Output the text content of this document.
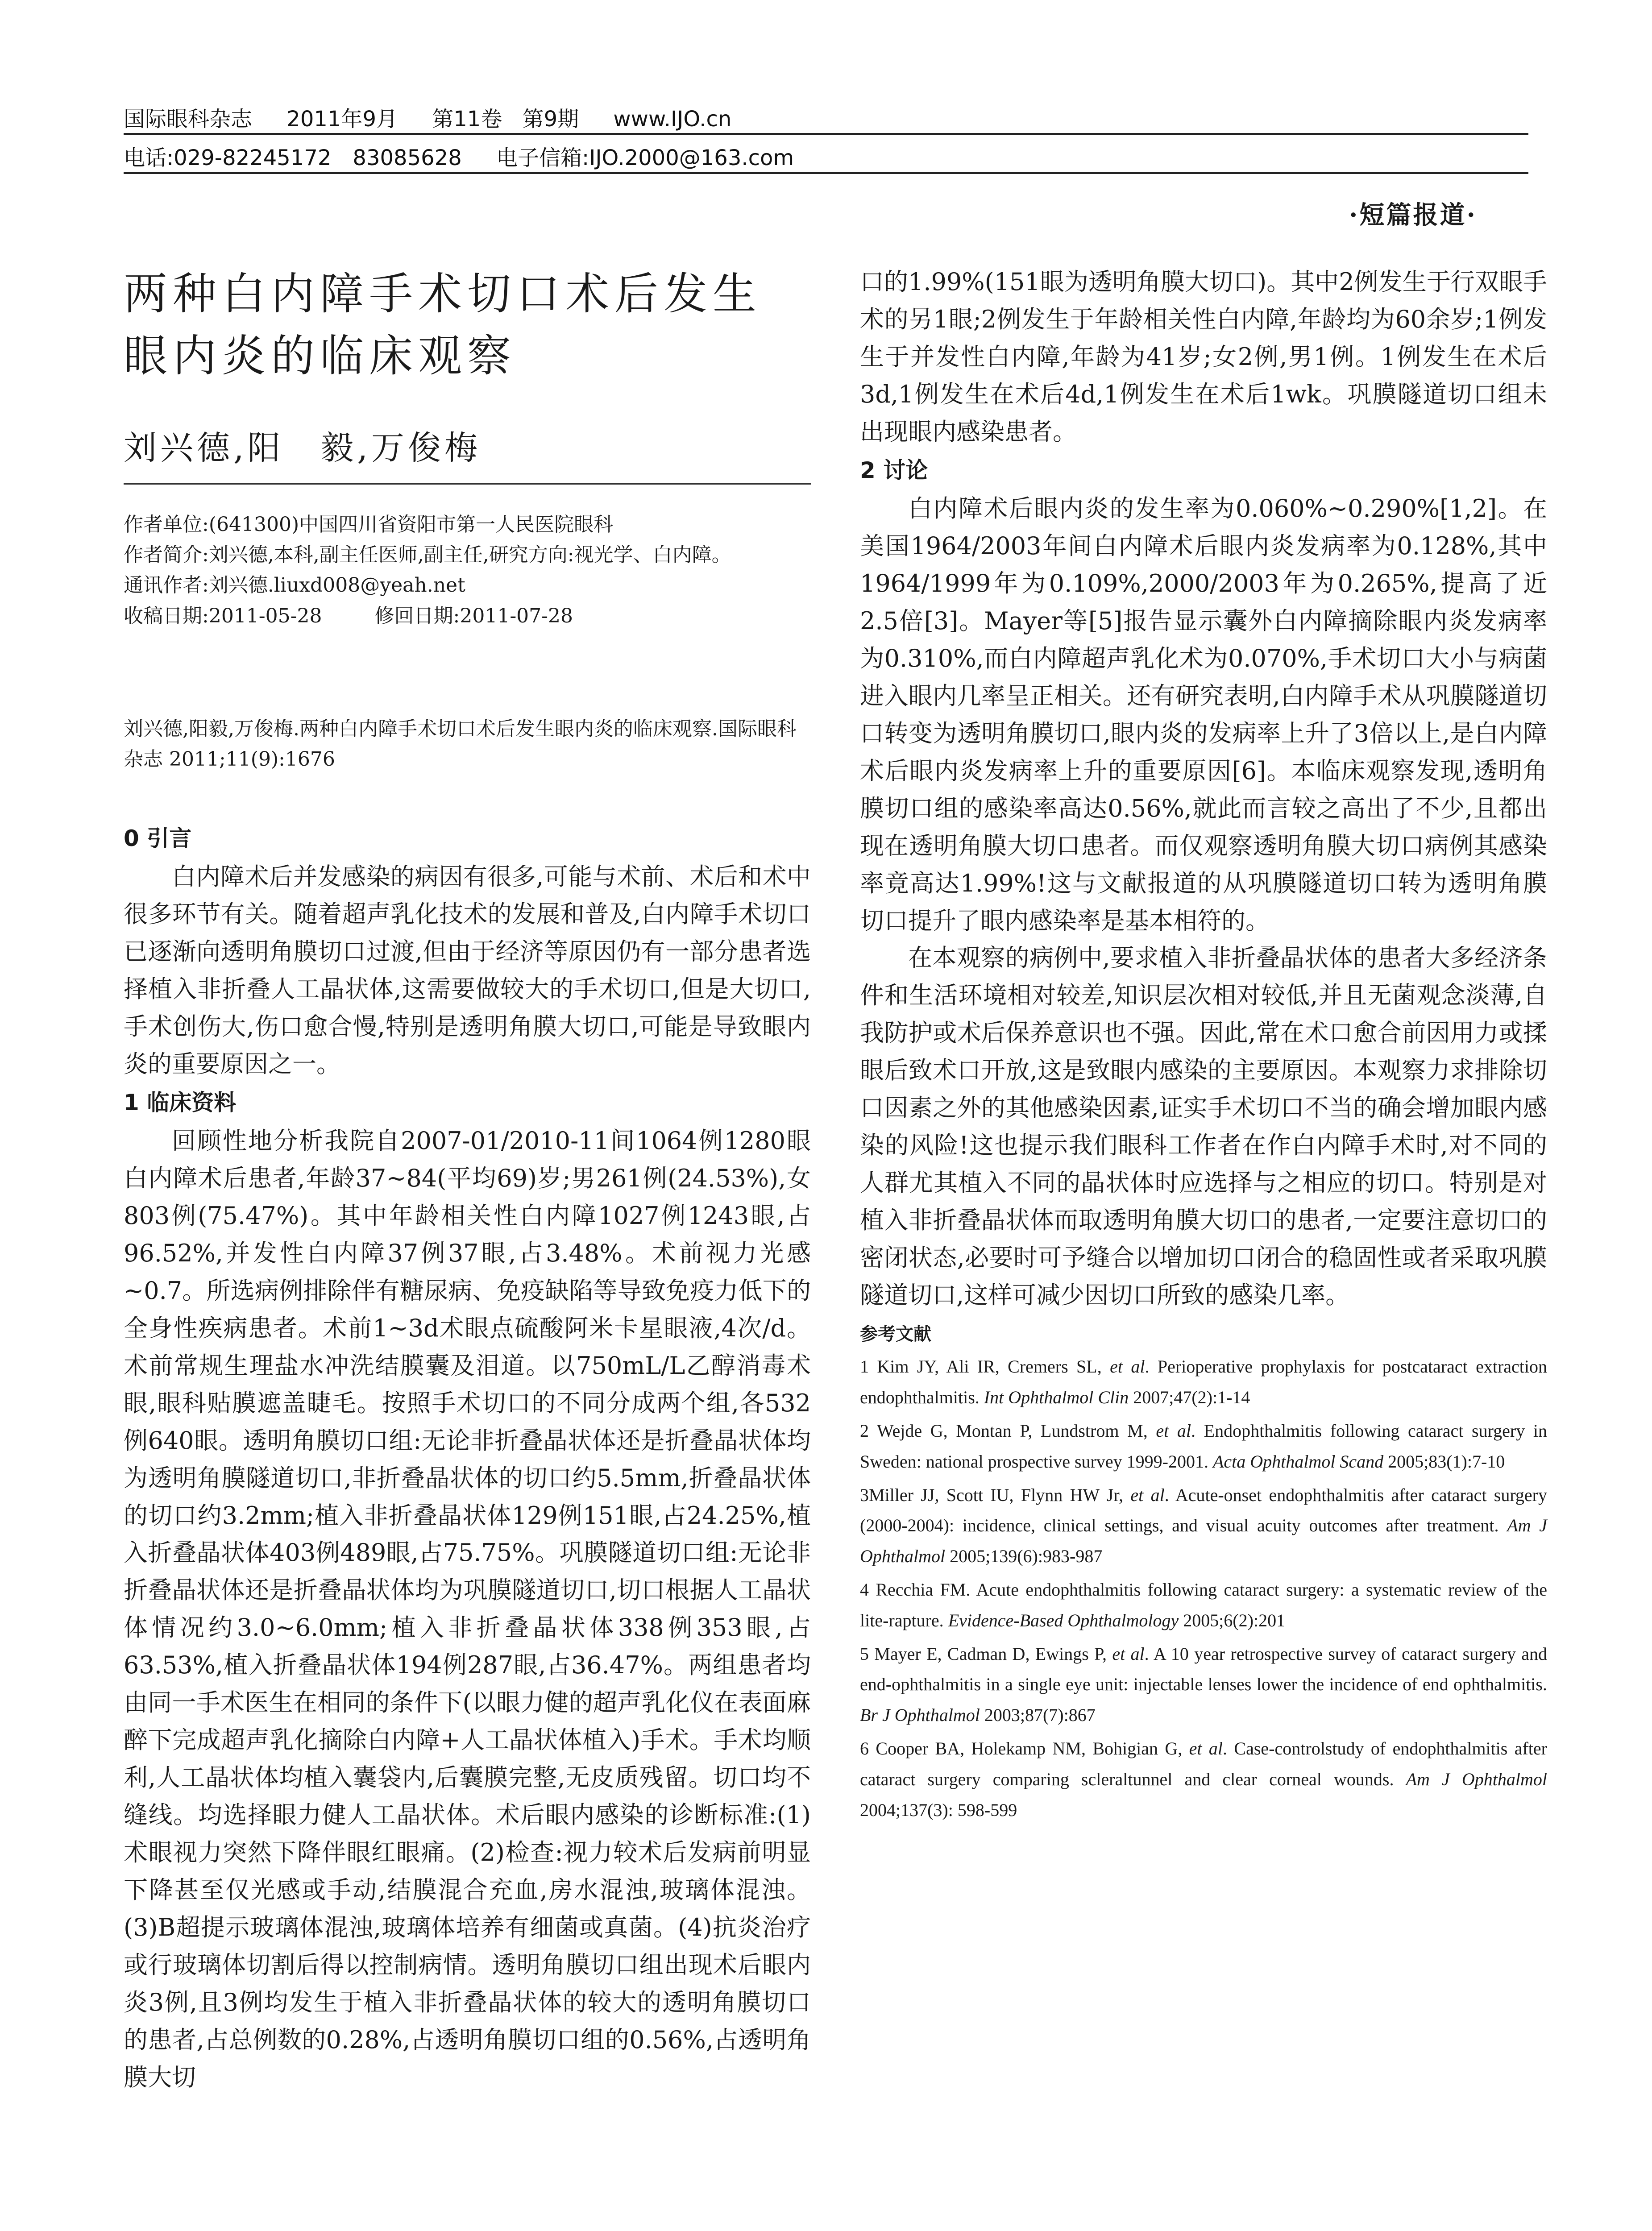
国际眼科杂志 2011年9月 第11卷 第9期 www.IJO.cn
电话:029-82245172　83085628 电子信箱:IJO.2000@163.com
·短篇报道·
两种白内障手术切口术后发生
眼内炎的临床观察
刘兴德,阳　毅,万俊梅

作者单位:(641300)中国四川省资阳市第一人民医院眼科

作者简介:刘兴德,本科,副主任医师,副主任,研究方向:视光学、白内障。

通讯作者:刘兴德.liuxd008@yeah.net

收稿日期:2011-05-28	修回日期:2011-07-28

刘兴德,阳毅,万俊梅.两种白内障手术切口术后发生眼内炎的临床观察.国际眼科杂志 2011;11(9):1676
0 引言

白内障术后并发感染的病因有很多,可能与术前、术后和术中很多环节有关。随着超声乳化技术的发展和普及,白内障手术切口已逐渐向透明角膜切口过渡,但由于经济等原因仍有一部分患者选择植入非折叠人工晶状体,这需要做较大的手术切口,但是大切口,手术创伤大,伤口愈合慢,特别是透明角膜大切口,可能是导致眼内炎的重要原因之一。

1 临床资料

回顾性地分析我院自2007-01/2010-11间1064例1280眼白内障术后患者,年龄37~84(平均69)岁;男261例(24.53%),女803例(75.47%)。其中年龄相关性白内障1027例1243眼,占96.52%,并发性白内障37例37眼,占3.48%。术前视力光感~0.7。所选病例排除伴有糖尿病、免疫缺陷等导致免疫力低下的全身性疾病患者。术前1~3d术眼点硫酸阿米卡星眼液,4次/d。术前常规生理盐水冲洗结膜囊及泪道。以750mL/L乙醇消毒术眼,眼科贴膜遮盖睫毛。按照手术切口的不同分成两个组,各532例640眼。透明角膜切口组:无论非折叠晶状体还是折叠晶状体均为透明角膜隧道切口,非折叠晶状体的切口约5.5mm,折叠晶状体的切口约3.2mm;植入非折叠晶状体129例151眼,占24.25%,植入折叠晶状体403例489眼,占75.75%。巩膜隧道切口组:无论非折叠晶状体还是折叠晶状体均为巩膜隧道切口,切口根据人工晶状体情况约3.0~6.0mm;植入非折叠晶状体338例353眼,占63.53%,植入折叠晶状体194例287眼,占36.47%。两组患者均由同一手术医生在相同的条件下(以眼力健的超声乳化仪在表面麻醉下完成超声乳化摘除白内障+人工晶状体植入)手术。手术均顺利,人工晶状体均植入囊袋内,后囊膜完整,无皮质残留。切口均不缝线。均选择眼力健人工晶状体。术后眼内感染的诊断标准:(1)术眼视力突然下降伴眼红眼痛。(2)检查:视力较术后发病前明显下降甚至仅光感或手动,结膜混合充血,房水混浊,玻璃体混浊。(3)B超提示玻璃体混浊,玻璃体培养有细菌或真菌。(4)抗炎治疗或行玻璃体切割后得以控制病情。透明角膜切口组出现术后眼内炎3例,且3例均发生于植入非折叠晶状体的较大的透明角膜切口的患者,占总例数的0.28%,占透明角膜切口组的0.56%,占透明角膜大切

口的1.99%(151眼为透明角膜大切口)。其中2例发生于行双眼手术的另1眼;2例发生于年龄相关性白内障,年龄均为60余岁;1例发生于并发性白内障,年龄为41岁;女2例,男1例。1例发生在术后3d,1例发生在术后4d,1例发生在术后1wk。巩膜隧道切口组未出现眼内感染患者。

2 讨论

白内障术后眼内炎的发生率为0.060%~0.290%[1,2]。在美国1964/2003年间白内障术后眼内炎发病率为0.128%,其中1964/1999年为0.109%,2000/2003年为0.265%,提高了近2.5倍[3]。Mayer等[5]报告显示囊外白内障摘除眼内炎发病率为0.310%,而白内障超声乳化术为0.070%,手术切口大小与病菌进入眼内几率呈正相关。还有研究表明,白内障手术从巩膜隧道切口转变为透明角膜切口,眼内炎的发病率上升了3倍以上,是白内障术后眼内炎发病率上升的重要原因[6]。本临床观察发现,透明角膜切口组的感染率高达0.56%,就此而言较之高出了不少,且都出现在透明角膜大切口患者。而仅观察透明角膜大切口病例其感染率竟高达1.99%!这与文献报道的从巩膜隧道切口转为透明角膜切口提升了眼内感染率是基本相符的。

在本观察的病例中,要求植入非折叠晶状体的患者大多经济条件和生活环境相对较差,知识层次相对较低,并且无菌观念淡薄,自我防护或术后保养意识也不强。因此,常在术口愈合前因用力或揉眼后致术口开放,这是致眼内感染的主要原因。本观察力求排除切口因素之外的其他感染因素,证实手术切口不当的确会增加眼内感染的风险!这也提示我们眼科工作者在作白内障手术时,对不同的人群尤其植入不同的晶状体时应选择与之相应的切口。特别是对植入非折叠晶状体而取透明角膜大切口的患者,一定要注意切口的密闭状态,必要时可予缝合以增加切口闭合的稳固性或者采取巩膜隧道切口,这样可减少因切口所致的感染几率。

参考文献
1 Kim JY, Ali IR, Cremers SL, et al. Perioperative prophylaxis for postcataract extraction endophthalmitis. Int Ophthalmol Clin 2007;47(2):1-14
2 Wejde G, Montan P, Lundstrom M, et al. Endophthalmitis following cataract surgery in Sweden: national prospective survey 1999-2001. Acta Ophthalmol Scand 2005;83(1):7-10
3Miller JJ, Scott IU, Flynn HW Jr, et al. Acute-onset endophthalmitis after cataract surgery (2000-2004): incidence, clinical settings, and visual acuity outcomes after treatment. Am J Ophthalmol 2005;139(6):983-987
4 Recchia FM. Acute endophthalmitis following cataract surgery: a systematic review of the lite-rapture. Evidence-Based Ophthalmology 2005;6(2):201
5 Mayer E, Cadman D, Ewings P, et al. A 10 year retrospective survey of cataract surgery and end-ophthalmitis in a single eye unit: injectable lenses lower the incidence of end ophthalmitis. Br J Ophthalmol 2003;87(7):867
6 Cooper BA, Holekamp NM, Bohigian G, et al. Case-controlstudy of endophthalmitis after cataract surgery comparing scleraltunnel and clear corneal wounds. Am J Ophthalmol 2004;137(3): 598-599
